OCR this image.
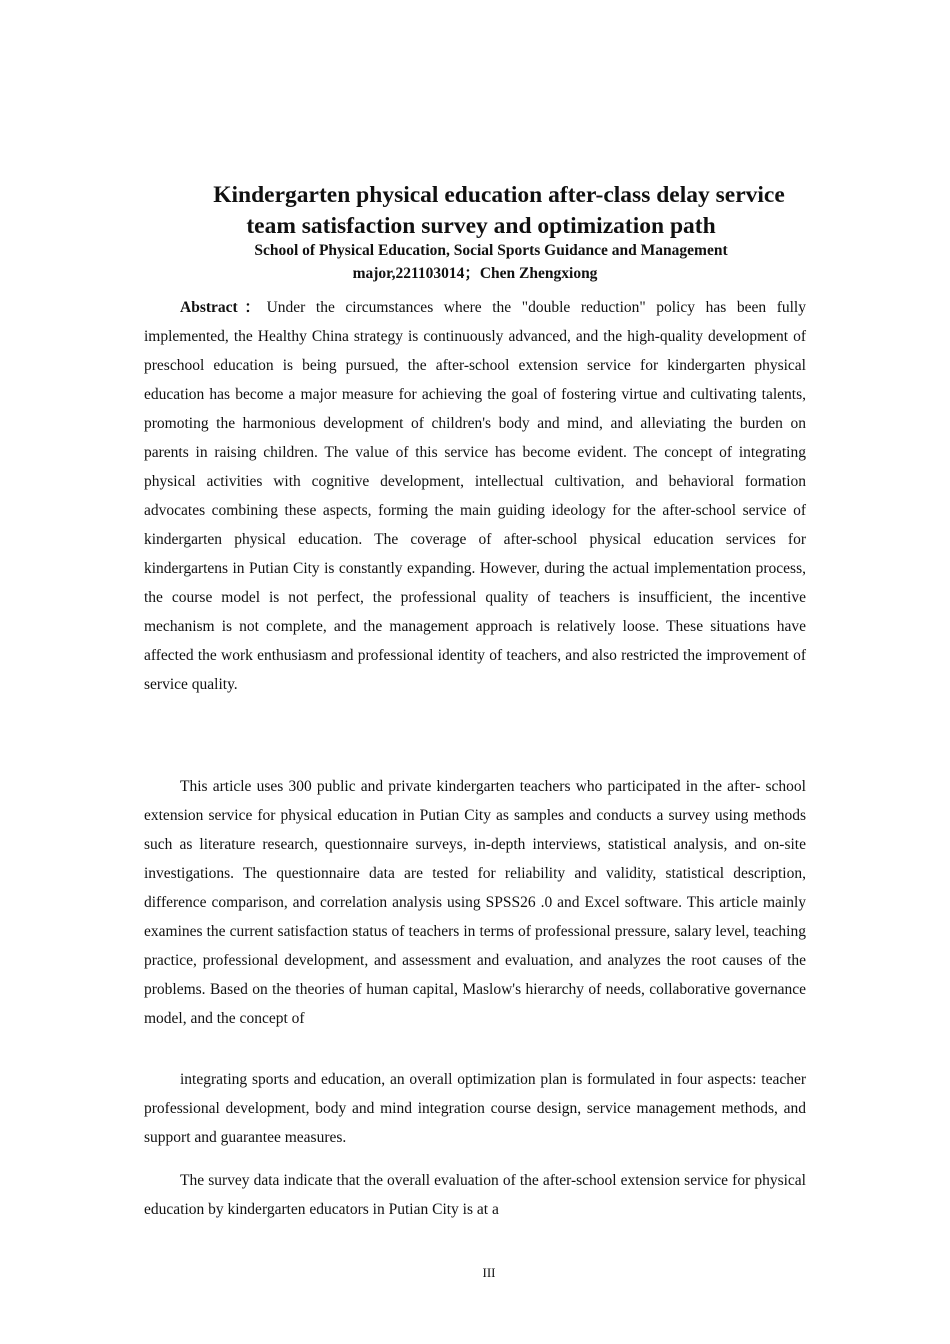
Kindergarten physical education after-class delay service
team satisfaction survey and optimization path

School of Physical Education, Social Sports Guidance and Management

major,221103014；Chen Zhengxiong

Abstract：Under the circumstances where the "double reduction" policy has been fully implemented, the Healthy China strategy is continuously advanced, and the high-quality development of preschool education is being pursued, the after-school extension service for kindergarten physical education has become a major measure for achieving the goal of fostering virtue and cultivating talents, promoting the harmonious development of children's body and mind, and alleviating the burden on parents in raising children. The value of this service has become evident. The concept of integrating physical activities with cognitive development, intellectual cultivation, and behavioral formation advocates combining these aspects, forming the main guiding ideology for the after-school service of kindergarten physical education. The coverage of after-school physical education services for kindergartens in Putian City is constantly expanding. However, during the actual implementation process, the course model is not perfect, the professional quality of teachers is insufficient, the incentive mechanism is not complete, and the management approach is relatively loose. These situations have affected the work enthusiasm and professional identity of teachers, and also restricted the improvement of service quality.

This article uses 300 public and private kindergarten teachers who participated in the after- school extension service for physical education in Putian City as samples and conducts a survey using methods such as literature research, questionnaire surveys, in-depth interviews, statistical analysis, and on-site investigations. The questionnaire data are tested for reliability and validity, statistical description, difference comparison, and correlation analysis using SPSS26 .0 and Excel software. This article mainly examines the current satisfaction status of teachers in terms of professional pressure, salary level, teaching practice, professional development, and assessment and evaluation, and analyzes the root causes of the problems. Based on the theories of human capital, Maslow's hierarchy of needs, collaborative governance model, and the concept of

integrating sports and education, an overall optimization plan is formulated in four aspects: teacher professional development, body and mind integration course design, service management methods, and support and guarantee measures.

The survey data indicate that the overall evaluation of the after-school extension service for physical education by kindergarten educators in Putian City is at a

III
